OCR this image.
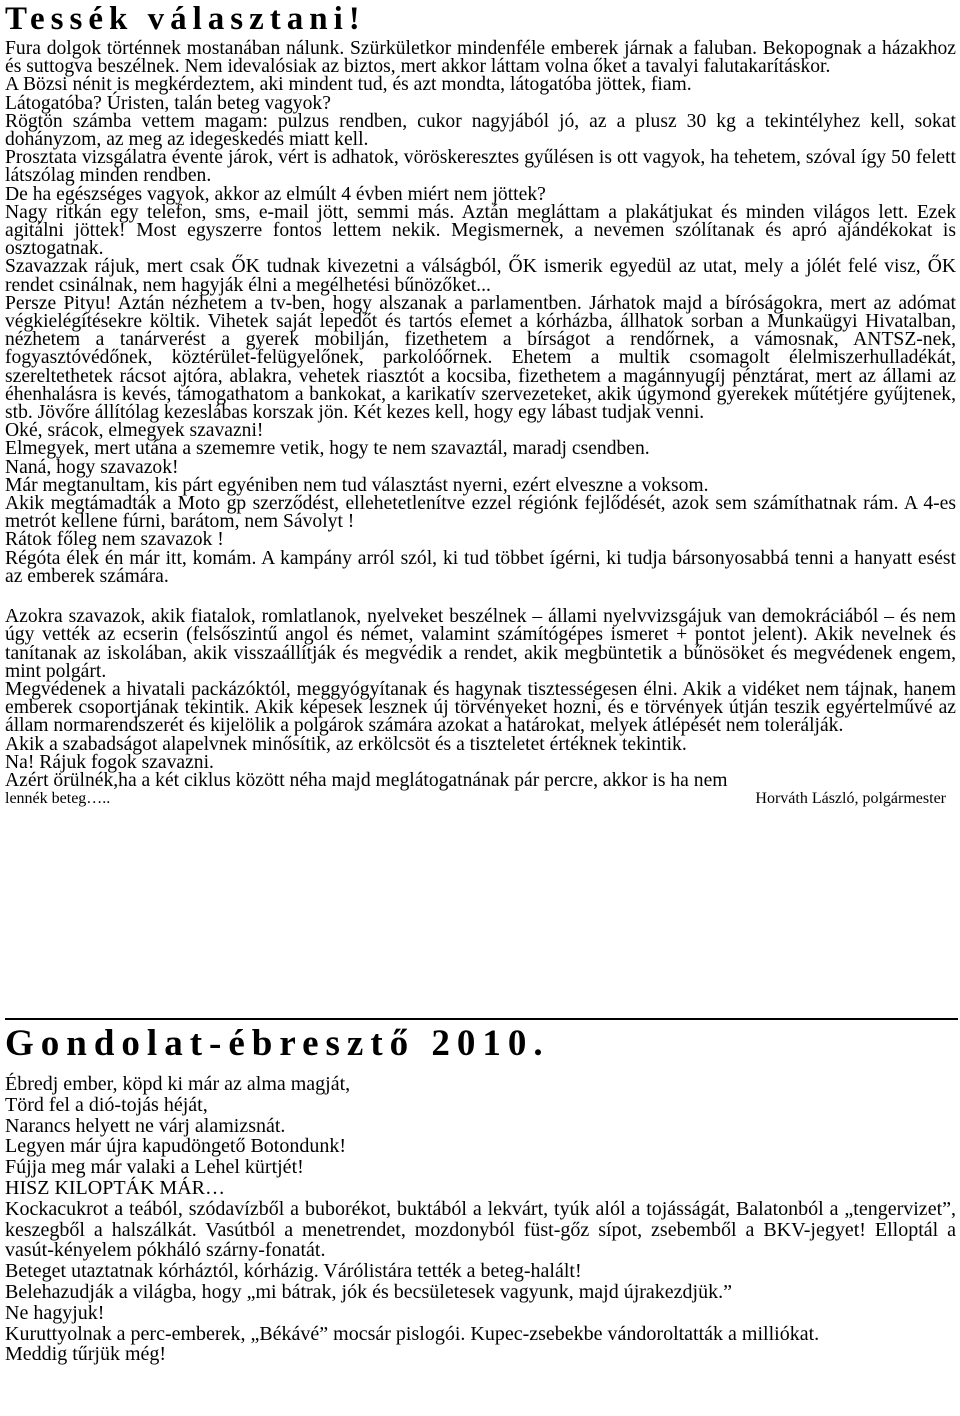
Tessék választani!

Fura dolgok történnek mostanában nálunk. Szürkületkor mindenféle emberek járnak a faluban. Bekopognak a házakhoz és suttogva beszélnek. Nem idevalósiak az biztos, mert akkor láttam volna őket a tavalyi falutakarításkor.

A Bözsi nénit is megkérdeztem, aki mindent tud, és azt mondta, látogatóba jöttek, fiam.

Látogatóba? Úristen, talán beteg vagyok?

Rögtön számba vettem magam: pulzus rendben, cukor nagyjából jó, az a plusz 30 kg a tekintélyhez kell, sokat dohányzom, az meg az idegeskedés miatt kell.

Prosztata vizsgálatra évente járok, vért is adhatok, vöröskeresztes gyűlésen is ott vagyok, ha tehetem, szóval így 50 felett látszólag minden rendben.

De ha egészséges vagyok, akkor az elmúlt 4 évben miért nem jöttek?

Nagy ritkán egy telefon, sms, e-mail jött, semmi más. Aztán megláttam a plakátjukat és minden világos lett. Ezek agitálni jöttek! Most egyszerre fontos lettem nekik. Megismernek, a nevemen szólítanak és apró ajándékokat is osztogatnak.

Szavazzak rájuk, mert csak ŐK tudnak kivezetni a válságból, ŐK ismerik egyedül az utat, mely a jólét felé visz, ŐK rendet csinálnak, nem hagyják élni a megélhetési bűnözőket...

Persze Pityu! Aztán nézhetem a tv-ben, hogy alszanak a parlamentben. Járhatok majd a bíróságokra, mert az adómat végkielégítésekre költik. Vihetek saját lepedőt és tartós elemet a kórházba, állhatok sorban a Munkaügyi Hivatalban, nézhetem a tanárverést a gyerek mobilján, fizethetem a bírságot a rendőrnek, a vámosnak, ANTSZ-nek, fogyasztóvédőnek, köztérület-felügyelőnek, parkolóőrnek. Ehetem a multik csomagolt élelmiszerhulladékát, szereltethetek rácsot ajtóra, ablakra, vehetek riasztót a kocsiba, fizethetem a magánnyugíj pénztárat, mert az állami az éhenhalásra is kevés, támogathatom a bankokat, a karikatív szervezeteket, akik úgymond gyerekek műtétjére gyűjtenek, stb. Jövőre állítólag kezeslábas korszak jön. Két kezes kell, hogy egy lábast tudjak venni.

Oké, srácok, elmegyek szavazni!

Elmegyek, mert utána a szememre vetik, hogy te nem szavaztál, maradj csendben.

Naná, hogy szavazok!

Már megtanultam, kis párt egyéniben nem tud választást nyerni, ezért elveszne a voksom.

Akik megtámadták a Moto gp szerződést, ellehetetlenítve ezzel régiónk fejlődését, azok sem számíthatnak rám. A 4-es metrót kellene fúrni, barátom, nem Sávolyt !

Rátok főleg nem szavazok !

Régóta élek én már itt, komám. A kampány arról szól, ki tud többet ígérni, ki tudja bársonyosabbá tenni a hanyatt esést az emberek számára.

Azokra szavazok, akik fiatalok, romlatlanok, nyelveket beszélnek – állami nyelvvizsgájuk van demokráciából – és nem úgy vették az ecserin (felsőszintű angol és német, valamint számítógépes ismeret + pontot jelent). Akik nevelnek és tanítanak az iskolában, akik visszaállítják és megvédik a rendet, akik megbüntetik a bűnösöket és megvédenek engem, mint polgárt.

Megvédenek a hivatali packázóktól, meggyógyítanak és hagynak tisztességesen élni. Akik a vidéket nem tájnak, hanem emberek csoportjának tekintik. Akik képesek lesznek új törvényeket hozni, és e törvények útján teszik egyértelművé az állam normarendszerét és kijelölik a polgárok számára azokat a határokat, melyek átlépését nem tolerálják.

Akik a szabadságot alapelvnek minősítik, az erkölcsöt és a tiszteletet értéknek tekintik.

Na! Rájuk fogok szavazni.

Azért örülnék,ha a két ciklus között néha majd meglátogatnának pár percre, akkor is ha nem

lennék beteg…..	Horváth László, polgármester
Gondolat-ébresztő 2010.

Ébredj ember, köpd ki már az alma magját,

Törd fel a dió-tojás héját,

Narancs helyett ne várj alamizsnát.

Legyen már újra kapudöngető Botondunk!

Fújja meg már valaki a Lehel kürtjét!

HISZ KILOPTÁK MÁR…

Kockacukrot a teából, szódavízből a buborékot, buktából a lekvárt, tyúk alól a tojásságát, Balatonból a „tengervizet”, keszegből a halszálkát. Vasútból a menetrendet, mozdonyból füst-gőz sípot, zsebemből a BKV-jegyet! Elloptál a vasút-kényelem pókháló szárny-fonatát.

Beteget utaztatnak kórháztól, kórházig. Várólistára tették a beteg-halált!

Belehazudják a világba, hogy „mi bátrak, jók és becsületesek vagyunk, majd újrakezdjük.”

Ne hagyjuk!

Kuruttyolnak a perc-emberek, „Békávé” mocsár pislogói. Kupec-zsebekbe vándoroltatták a milliókat.

Meddig tűrjük még!
